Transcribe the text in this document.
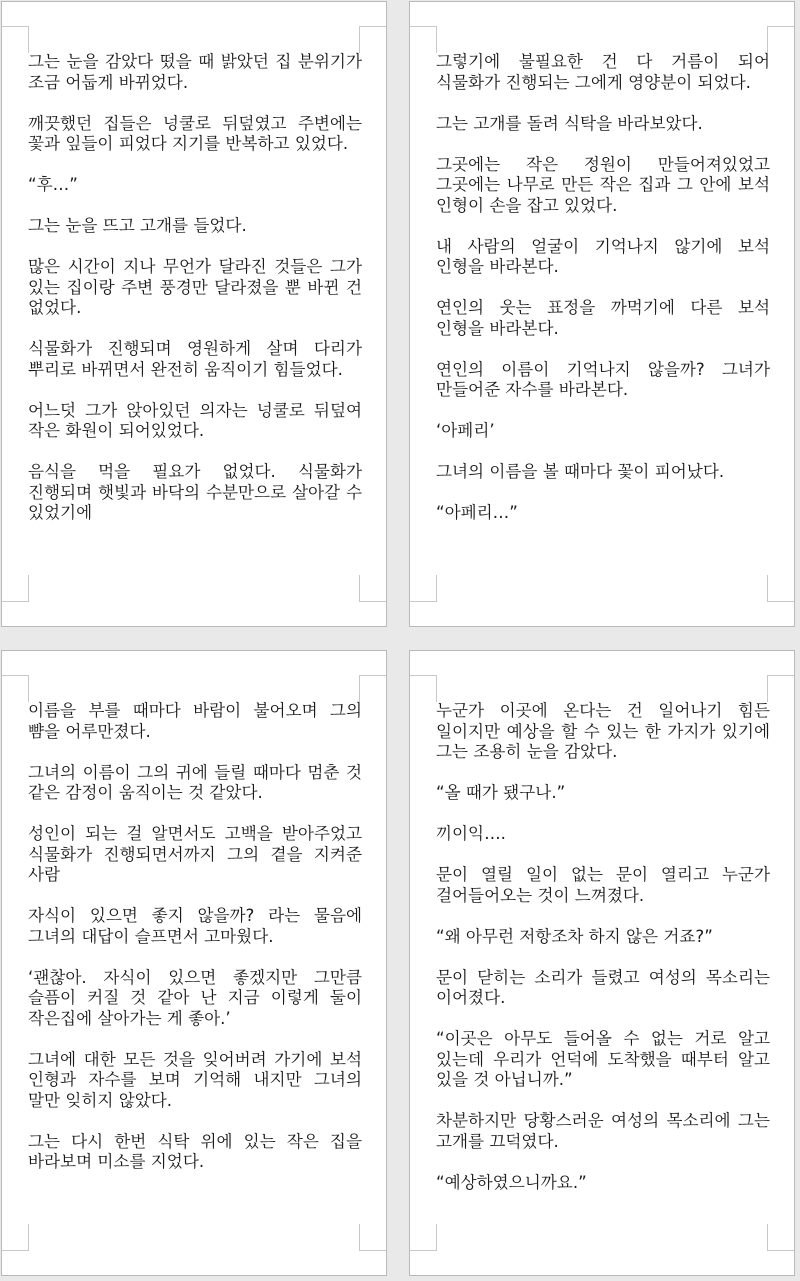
그는 눈을 감았다 떴을 때 밝았던 집 분위기가 조금 어둡게 바뀌었다.

깨끗했던 집들은 넝쿨로 뒤덮였고 주변에는 꽃과 잎들이 피었다 지기를 반복하고 있었다.

“후…”

그는 눈을 뜨고 고개를 들었다.

많은 시간이 지나 무언가 달라진 것들은 그가 있는 집이랑 주변 풍경만 달라졌을 뿐 바뀐 건 없었다.

식물화가 진행되며 영원하게 살며 다리가 뿌리로 바뀌면서 완전히 움직이기 힘들었다.

어느덧 그가 앉아있던 의자는 넝쿨로 뒤덮여 작은 화원이 되어있었다.

음식을 먹을 필요가 없었다. 식물화가 진행되며 햇빛과 바닥의 수분만으로 살아갈 수 있었기에

그렇기에 불필요한 건 다 거름이 되어 식물화가 진행되는 그에게 영양분이 되었다.

그는 고개를 돌려 식탁을 바라보았다.

그곳에는 작은 정원이 만들어져있었고 그곳에는 나무로 만든 작은 집과 그 안에 보석 인형이 손을 잡고 있었다.

내 사람의 얼굴이 기억나지 않기에 보석 인형을 바라본다.

연인의 웃는 표정을 까먹기에 다른 보석 인형을 바라본다.

연인의 이름이 기억나지 않을까? 그녀가 만들어준 자수를 바라본다.

‘아페리’

그녀의 이름을 볼 때마다 꽃이 피어났다.

“아페리…”

이름을 부를 때마다 바람이 불어오며 그의 뺨을 어루만졌다.

그녀의 이름이 그의 귀에 들릴 때마다 멈춘 것 같은 감정이 움직이는 것 같았다.

성인이 되는 걸 알면서도 고백을 받아주었고 식물화가 진행되면서까지 그의 곁을 지켜준 사람

자식이 있으면 좋지 않을까? 라는 물음에 그녀의 대답이 슬프면서 고마웠다.

‘괜찮아. 자식이 있으면 좋겠지만 그만큼 슬픔이 커질 것 같아 난 지금 이렇게 둘이 작은집에 살아가는 게 좋아.’

그녀에 대한 모든 것을 잊어버려 가기에 보석 인형과 자수를 보며 기억해 내지만 그녀의 말만 잊히지 않았다.

그는 다시 한번 식탁 위에 있는 작은 집을 바라보며 미소를 지었다.

누군가 이곳에 온다는 건 일어나기 힘든 일이지만 예상을 할 수 있는 한 가지가 있기에 그는 조용히 눈을 감았다.

“올 때가 됐구나.”

끼이익….

문이 열릴 일이 없는 문이 열리고 누군가 걸어들어오는 것이 느껴졌다.

“왜 아무런 저항조차 하지 않은 거죠?”

문이 닫히는 소리가 들렸고 여성의 목소리는 이어졌다.

“이곳은 아무도 들어올 수 없는 거로 알고 있는데 우리가 언덕에 도착했을 때부터 알고 있을 것 아닙니까.”

차분하지만 당황스러운 여성의 목소리에 그는 고개를 끄덕였다.

“예상하였으니까요.”
